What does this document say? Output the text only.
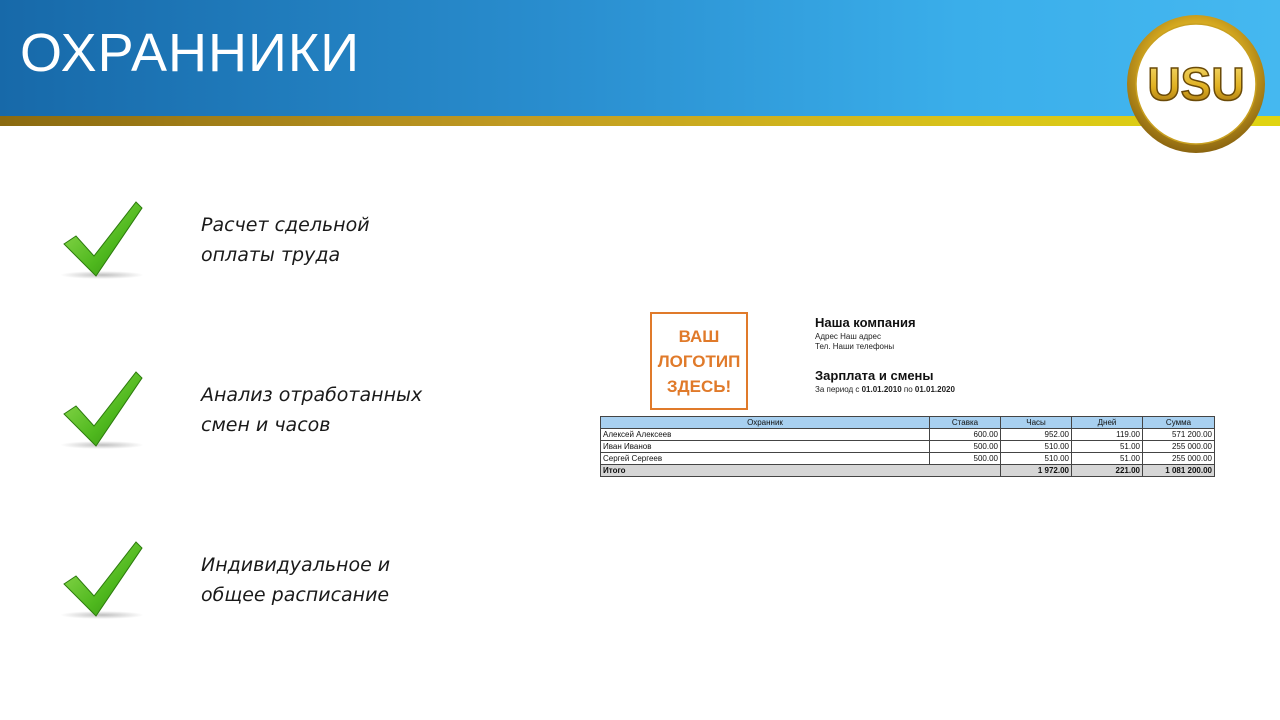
ОХРАННИКИ
USU
Расчет сдельной
оплаты труда
Анализ отработанных
смен и часов
Индивидуальное и
общее расписание
ВАШ
ЛОГОТИП
ЗДЕСЬ!
Наша компания
Адрес Наш адрес
Тел. Наши телефоны
Зарплата и смены
За период с 01.01.2010 по 01.01.2020
Охранник	Ставка	Часы	Дней	Сумма
Алексей Алексеев	600.00	952.00	119.00	571 200.00
Иван Иванов	500.00	510.00	51.00	255 000.00
Сергей Сергеев	500.00	510.00	51.00	255 000.00
Итого		1 972.00	221.00	1 081 200.00
